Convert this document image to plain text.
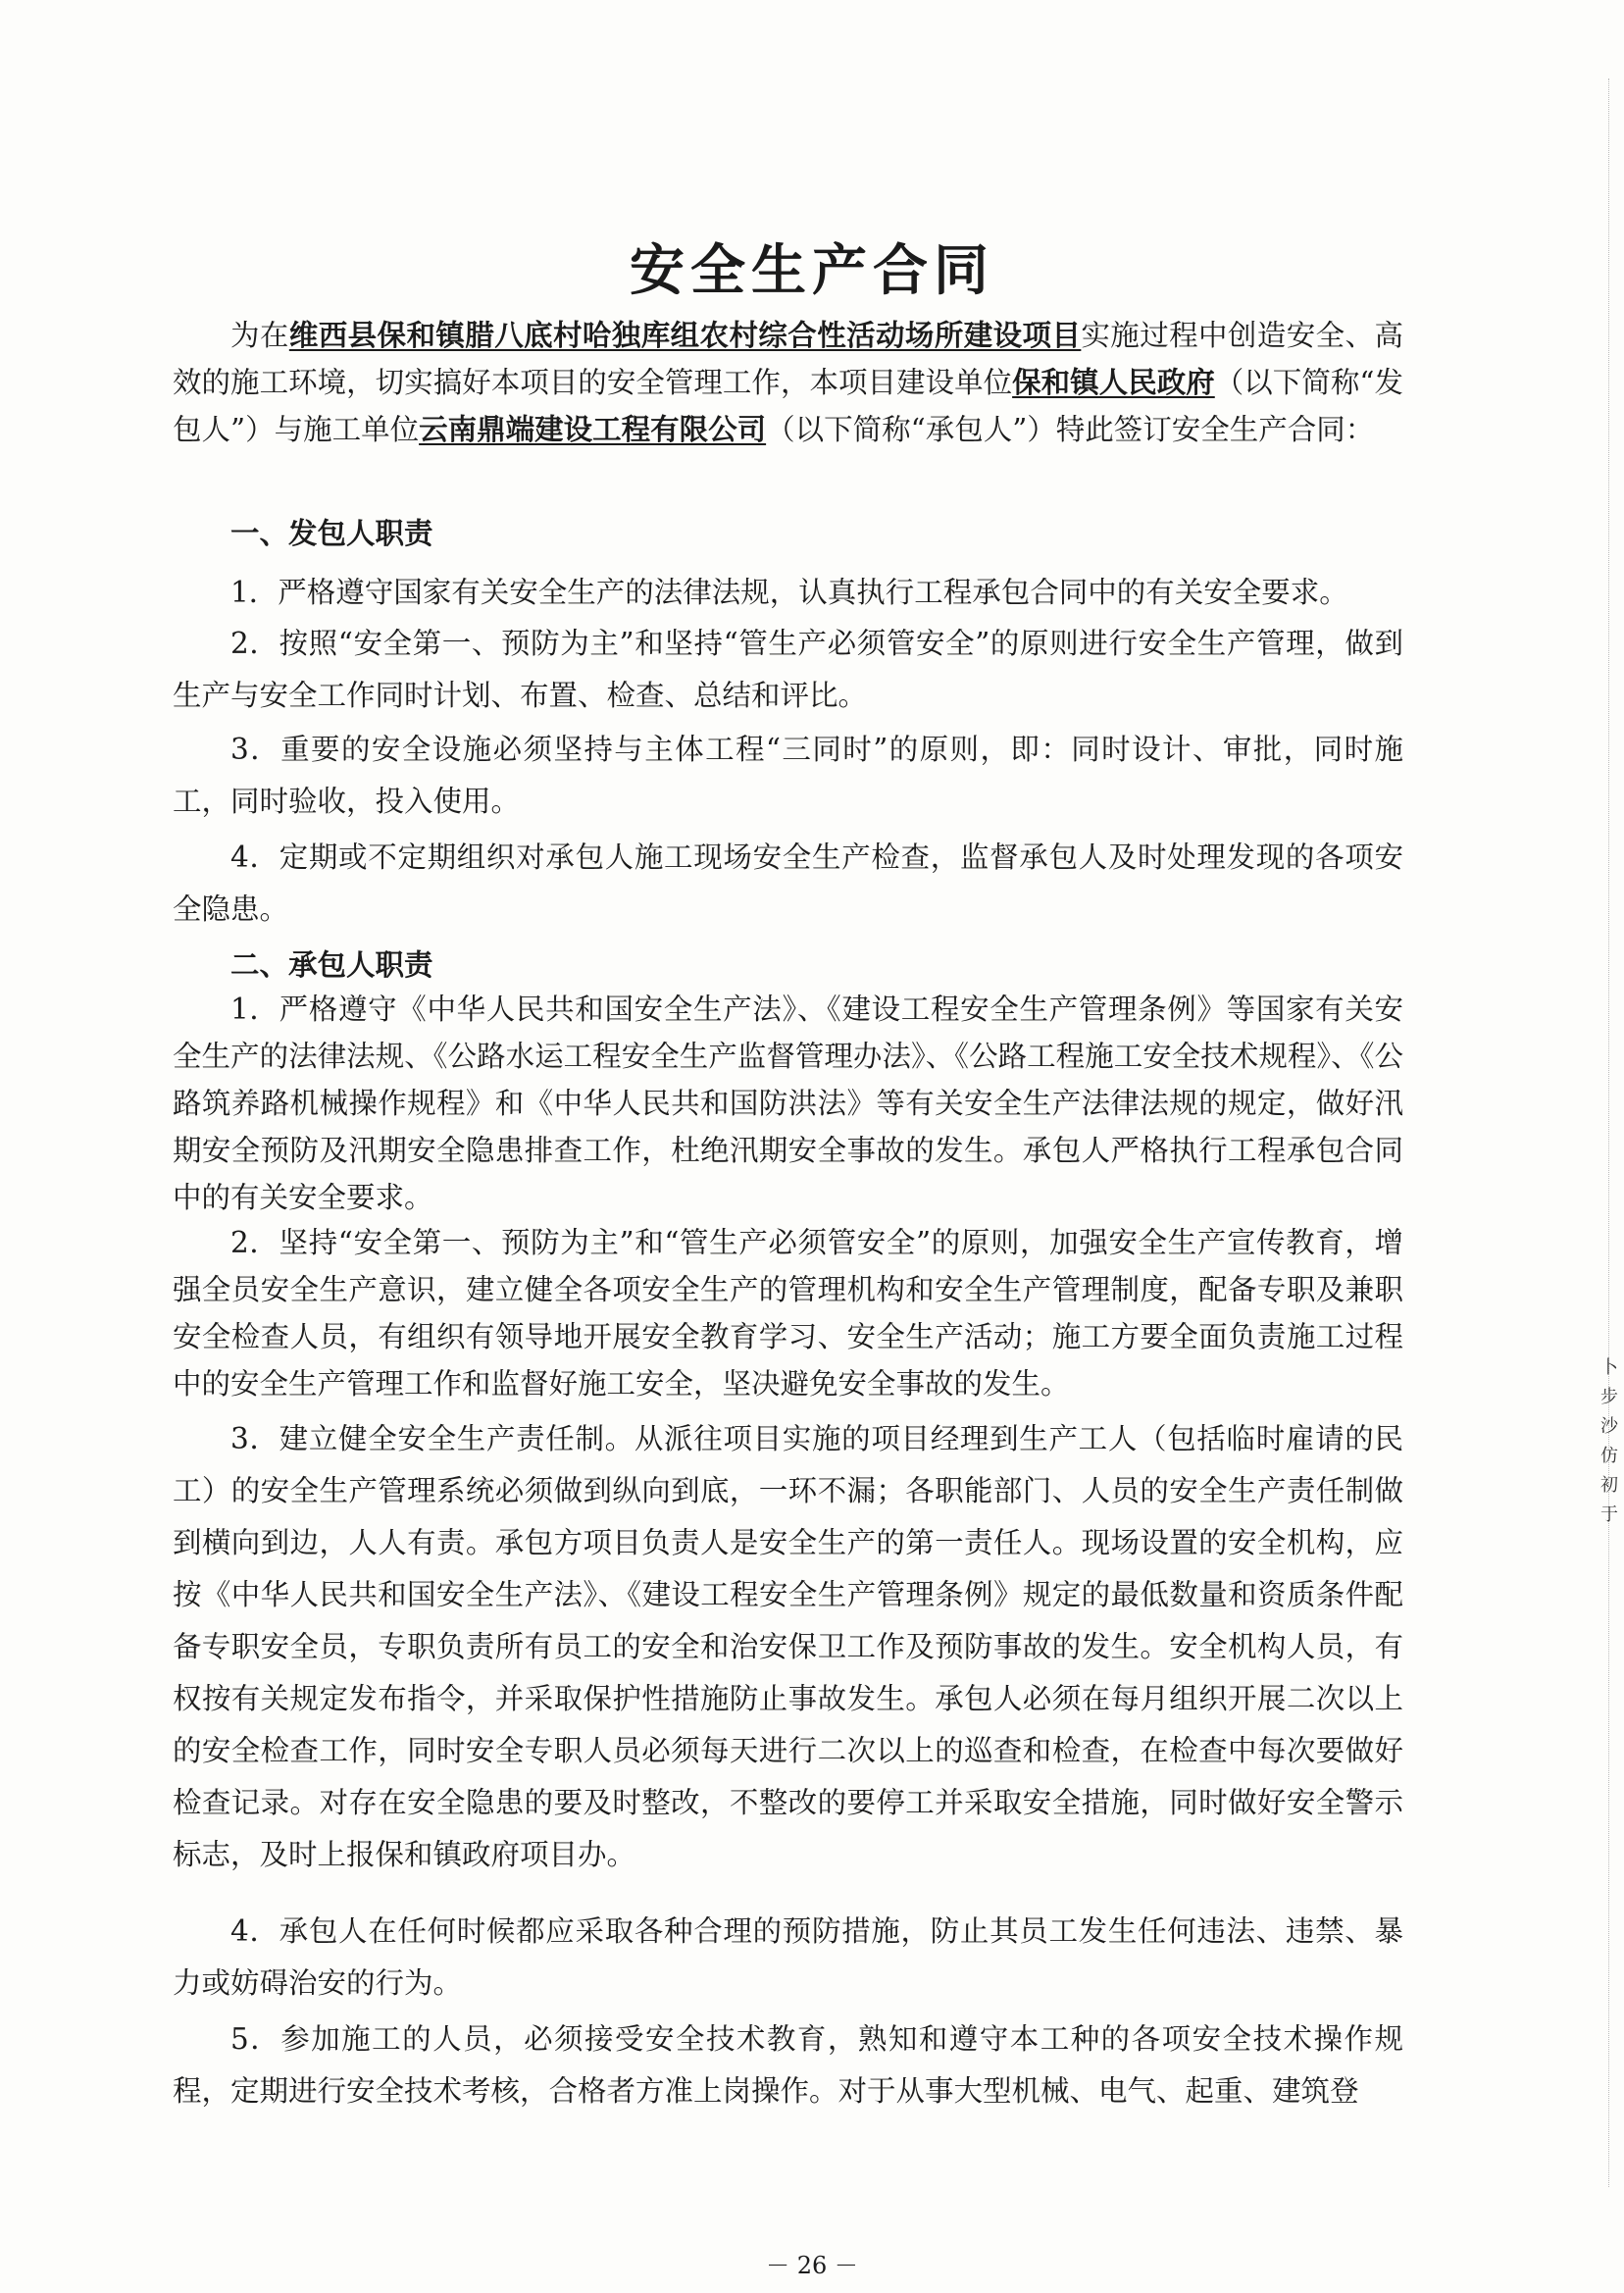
卜 步 沙 仿 初 于
安全生产合同
为在维西县保和镇腊八底村哈独库组农村综合性活动场所建设项目实施过程中创造安全、高效的施工环境，切实搞好本项目的安全管理工作，本项目建设单位保和镇人民政府（以下简称“发包人”）与施工单位云南鼎端建设工程有限公司（以下简称“承包人”）特此签订安全生产合同：
一、发包人职责
1．严格遵守国家有关安全生产的法律法规，认真执行工程承包合同中的有关安全要求。
2．按照“安全第一、预防为主”和坚持“管生产必须管安全”的原则进行安全生产管理，做到生产与安全工作同时计划、布置、检查、总结和评比。
3．重要的安全设施必须坚持与主体工程“三同时”的原则，即：同时设计、审批，同时施工，同时验收，投入使用。
4．定期或不定期组织对承包人施工现场安全生产检查，监督承包人及时处理发现的各项安全隐患。
二、承包人职责
1．严格遵守《中华人民共和国安全生产法》、《建设工程安全生产管理条例》等国家有关安全生产的法律法规、《公路水运工程安全生产监督管理办法》、《公路工程施工安全技术规程》、《公路筑养路机械操作规程》和《中华人民共和国防洪法》等有关安全生产法律法规的规定，做好汛期安全预防及汛期安全隐患排查工作，杜绝汛期安全事故的发生。承包人严格执行工程承包合同中的有关安全要求。
2．坚持“安全第一、预防为主”和“管生产必须管安全”的原则，加强安全生产宣传教育，增强全员安全生产意识，建立健全各项安全生产的管理机构和安全生产管理制度，配备专职及兼职安全检查人员，有组织有领导地开展安全教育学习、安全生产活动；施工方要全面负责施工过程中的安全生产管理工作和监督好施工安全，坚决避免安全事故的发生。
3．建立健全安全生产责任制。从派往项目实施的项目经理到生产工人（包括临时雇请的民工）的安全生产管理系统必须做到纵向到底，一环不漏；各职能部门、人员的安全生产责任制做到横向到边，人人有责。承包方项目负责人是安全生产的第一责任人。现场设置的安全机构，应按《中华人民共和国安全生产法》、《建设工程安全生产管理条例》规定的最低数量和资质条件配备专职安全员，专职负责所有员工的安全和治安保卫工作及预防事故的发生。安全机构人员，有权按有关规定发布指令，并采取保护性措施防止事故发生。承包人必须在每月组织开展二次以上的安全检查工作，同时安全专职人员必须每天进行二次以上的巡查和检查，在检查中每次要做好检查记录。对存在安全隐患的要及时整改，不整改的要停工并采取安全措施，同时做好安全警示标志，及时上报保和镇政府项目办。
4．承包人在任何时候都应采取各种合理的预防措施，防止其员工发生任何违法、违禁、暴力或妨碍治安的行为。
5．参加施工的人员，必须接受安全技术教育，熟知和遵守本工种的各项安全技术操作规程，定期进行安全技术考核，合格者方准上岗操作。对于从事大型机械、电气、起重、建筑登
－ 26 －
